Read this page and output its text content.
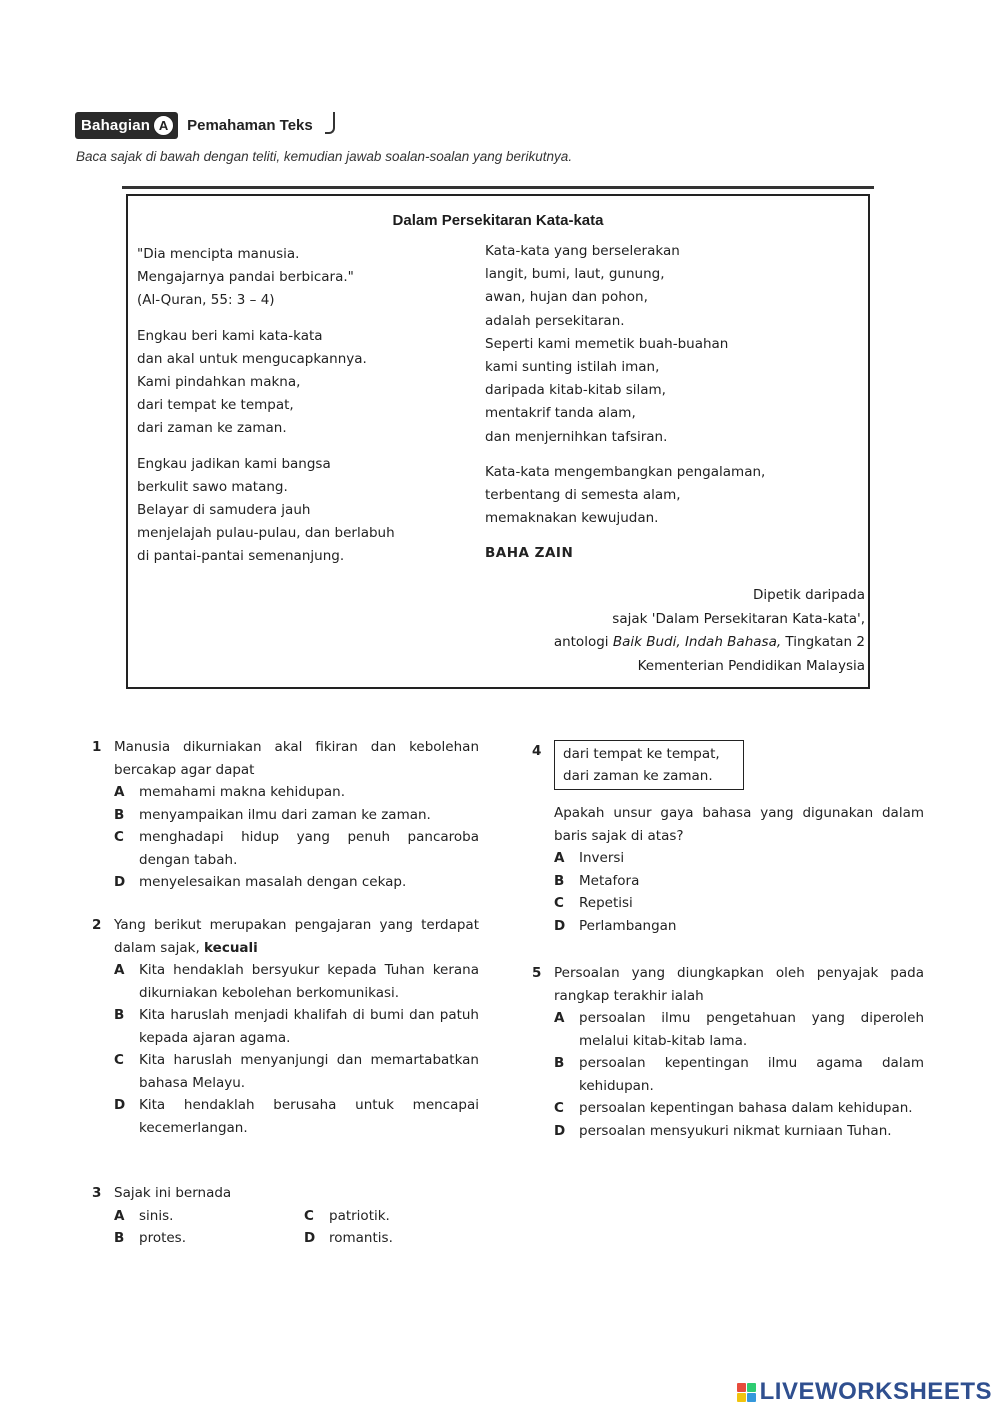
Bahagian A	Pemahaman Teks
Baca sajak di bawah dengan teliti, kemudian jawab soalan-soalan yang berikutnya.
Dalam Persekitaran Kata-kata
"Dia mencipta manusia.
Mengajarnya pandai berbicara."
(Al-Quran, 55: 3 – 4)
Engkau beri kami kata-kata
dan akal untuk mengucapkannya.
Kami pindahkan makna,
dari tempat ke tempat,
dari zaman ke zaman.
Engkau jadikan kami bangsa
berkulit sawo matang.
Belayar di samudera jauh
menjelajah pulau-pulau, dan berlabuh
di pantai-pantai semenanjung.
Kata-kata yang berselerakan
langit, bumi, laut, gunung,
awan, hujan dan pohon,
adalah persekitaran.
Seperti kami memetik buah-buahan
kami sunting istilah iman,
daripada kitab-kitab silam,
mentakrif tanda alam,
dan menjernihkan tafsiran.
Kata-kata mengembangkan pengalaman,
terbentang di semesta alam,
memaknakan kewujudan.
BAHA ZAIN
Dipetik daripada
sajak 'Dalam Persekitaran Kata-kata',
antologi Baik Budi, Indah Bahasa, Tingkatan 2
Kementerian Pendidikan Malaysia
1 Manusia dikurniakan akal fikiran dan kebolehan bercakap agar dapat
A	memahami makna kehidupan.
B	menyampaikan ilmu dari zaman ke zaman.
C	menghadapi hidup yang penuh pancaroba dengan tabah.
D	menyelesaikan masalah dengan cekap.
2 Yang berikut merupakan pengajaran yang terdapat dalam sajak, kecuali
A	Kita hendaklah bersyukur kepada Tuhan kerana dikurniakan kebolehan berkomunikasi.
B	Kita haruslah menjadi khalifah di bumi dan patuh kepada ajaran agama.
C	Kita haruslah menyanjungi dan memartabatkan bahasa Melayu.
D	Kita hendaklah berusaha untuk mencapai kecemerlangan.
3 Sajak ini bernada
A	sinis.	C	patriotik.
B	protes.	D	romantis.
4 dari tempat ke tempat,
dari zaman ke zaman.
Apakah unsur gaya bahasa yang digunakan dalam baris sajak di atas?
A	Inversi
B	Metafora
C	Repetisi
D	Perlambangan
5 Persoalan yang diungkapkan oleh penyajak pada rangkap terakhir ialah
A	persoalan ilmu pengetahuan yang diperoleh melalui kitab-kitab lama.
B	persoalan kepentingan ilmu agama dalam kehidupan.
C	persoalan kepentingan bahasa dalam kehidupan.
D	persoalan mensyukuri nikmat kurniaan Tuhan.
LIVEWORKSHEETS
